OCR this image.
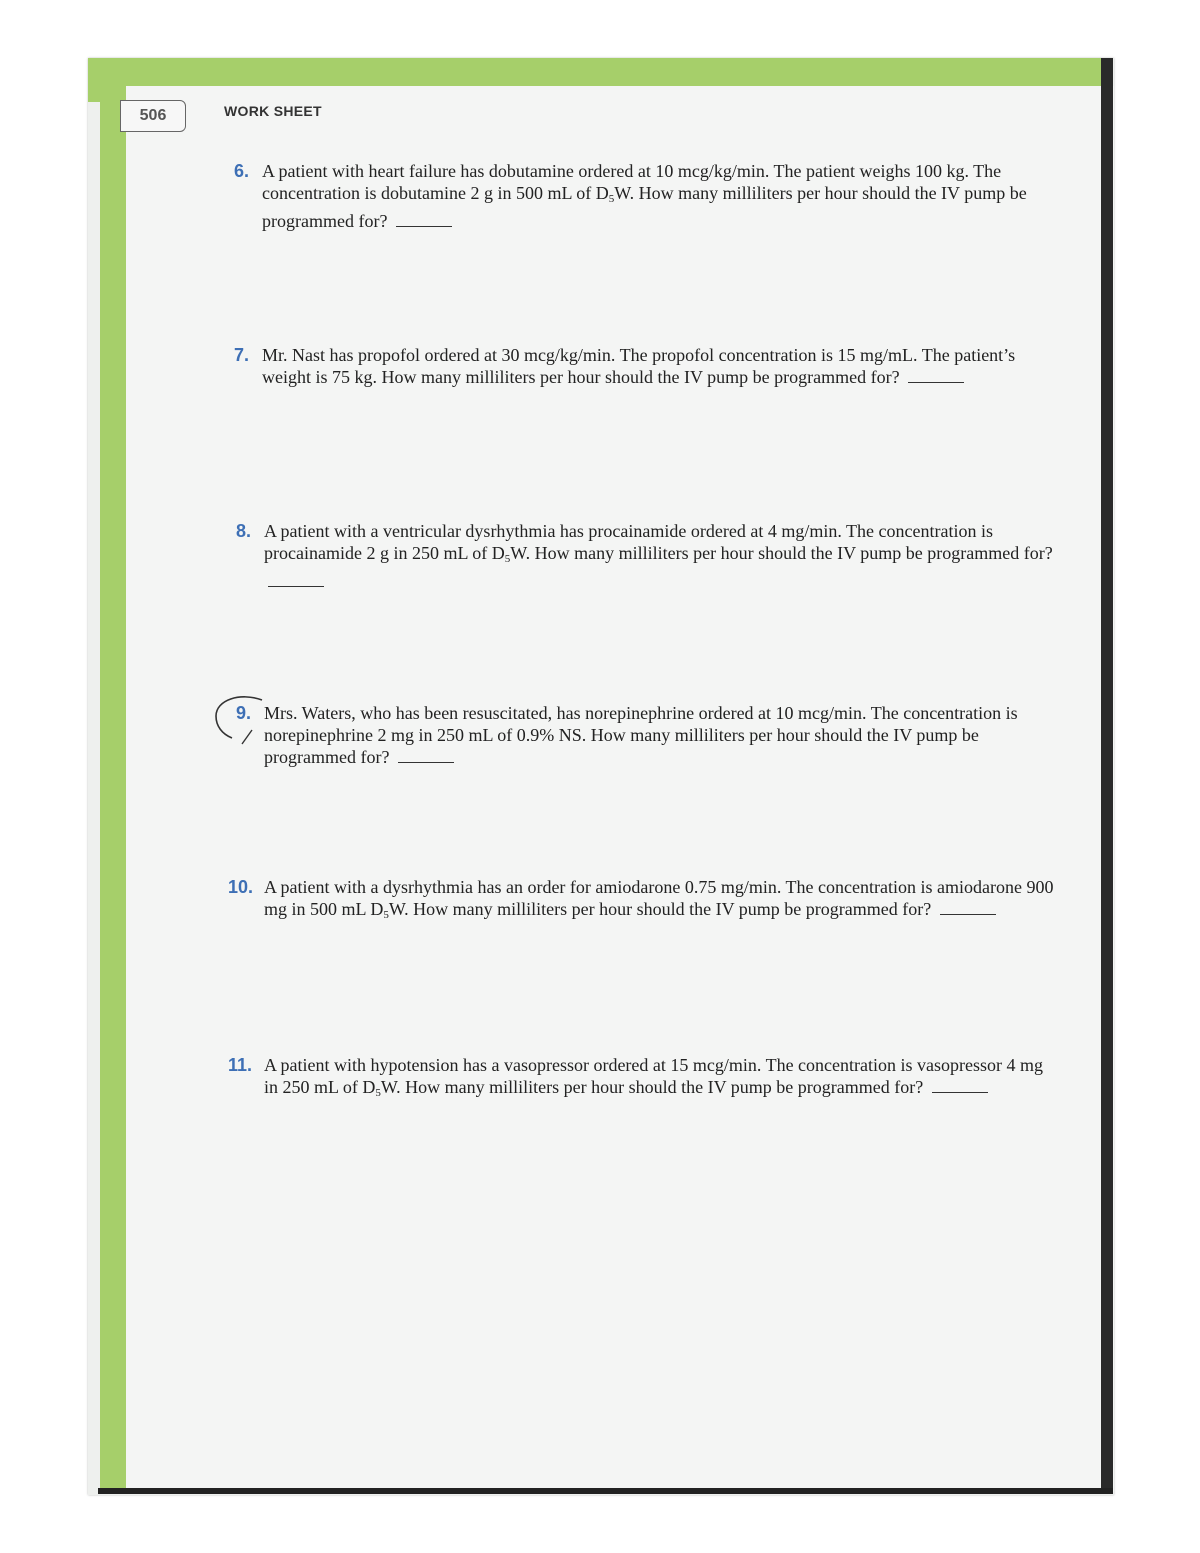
506	WORK SHEET
6. A patient with heart failure has dobutamine ordered at 10 mcg/kg/min. The patient weighs 100 kg. The concentration is dobutamine 2 g in 500 mL of $D_5W$. How many milliliters per hour should the IV pump be programmed for?
7. Mr. Nast has propofol ordered at 30 mcg/kg/min. The propofol concentration is 15 mg/mL. The patient’s weight is 75 kg. How many milliliters per hour should the IV pump be programmed for?
8. A patient with a ventricular dysrhythmia has procainamide ordered at 4 mg/min. The concentration is procainamide 2 g in 250 mL of $D_5W$. How many milliliters per hour should the IV pump be programmed for?
9. Mrs. Waters, who has been resuscitated, has norepinephrine ordered at 10 mcg/min. The concentration is norepinephrine 2 mg in 250 mL of 0.9% NS. How many milliliters per hour should the IV pump be programmed for?
10. A patient with a dysrhythmia has an order for amiodarone 0.75 mg/min. The concentration is amiodarone 900 mg in 500 mL $D_5W$. How many milliliters per hour should the IV pump be programmed for?
11. A patient with hypotension has a vasopressor ordered at 15 mcg/min. The concentration is vasopressor 4 mg in 250 mL of $D_5W$. How many milliliters per hour should the IV pump be programmed for?
